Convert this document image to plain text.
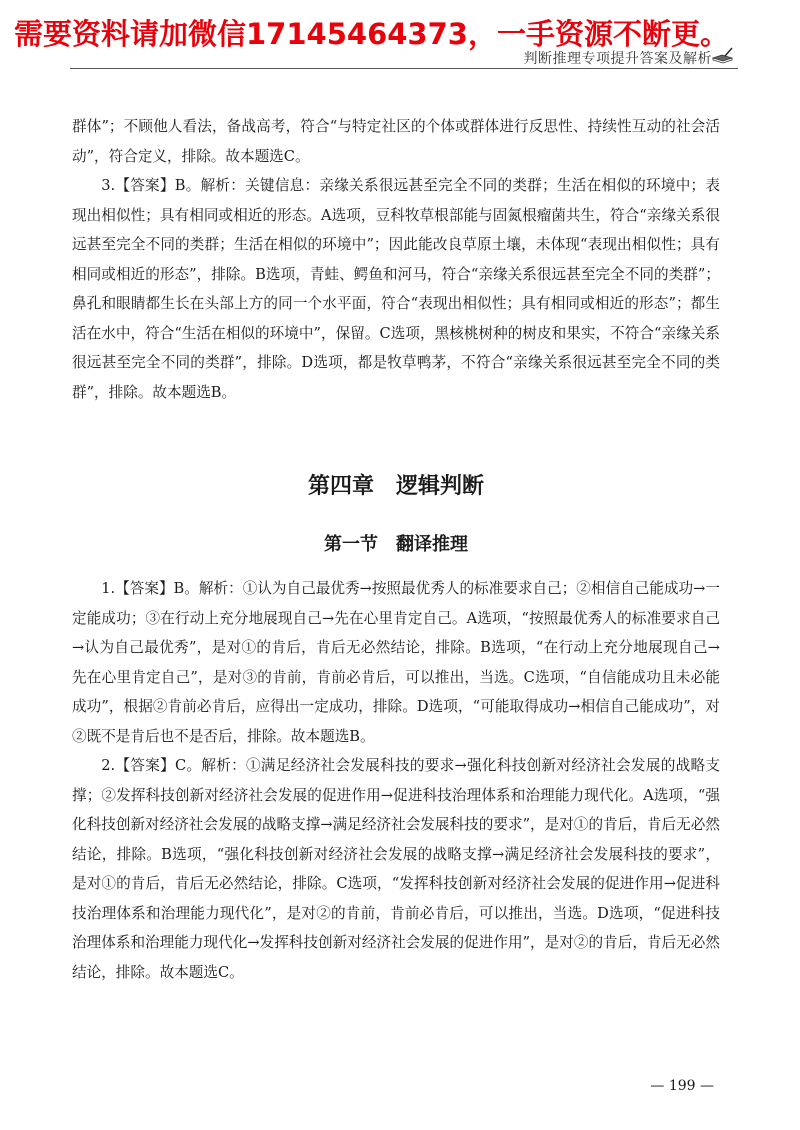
需要资料请加微信17145464373，一手资源不断更。
判断推理专项提升答案及解析

群体”；不顾他人看法，备战高考，符合“与特定社区的个体或群体进行反思性、持续性互动的社会活动”，符合定义，排除。故本题选C。

3.【答案】B。解析：关键信息：亲缘关系很远甚至完全不同的类群；生活在相似的环境中；表现出相似性；具有相同或相近的形态。A选项，豆科牧草根部能与固氮根瘤菌共生，符合“亲缘关系很远甚至完全不同的类群；生活在相似的环境中”；因此能改良草原土壤，未体现“表现出相似性；具有相同或相近的形态”，排除。B选项，青蛙、鳄鱼和河马，符合“亲缘关系很远甚至完全不同的类群”；鼻孔和眼睛都生长在头部上方的同一个水平面，符合“表现出相似性；具有相同或相近的形态”；都生活在水中，符合“生活在相似的环境中”，保留。C选项，黑核桃树种的树皮和果实，不符合“亲缘关系很远甚至完全不同的类群”，排除。D选项，都是牧草鸭茅，不符合“亲缘关系很远甚至完全不同的类群”，排除。故本题选B。

第四章　逻辑判断
第一节　翻译推理

1.【答案】B。解析：①认为自己最优秀→按照最优秀人的标准要求自己；②相信自己能成功→一定能成功；③在行动上充分地展现自己→先在心里肯定自己。A选项，“按照最优秀人的标准要求自己→认为自己最优秀”，是对①的肯后，肯后无必然结论，排除。B选项，“在行动上充分地展现自己→先在心里肯定自己”，是对③的肯前，肯前必肯后，可以推出，当选。C选项，“自信能成功且未必能成功”，根据②肯前必肯后，应得出一定成功，排除。D选项，“可能取得成功→相信自己能成功”，对②既不是肯后也不是否后，排除。故本题选B。

2.【答案】C。解析：①满足经济社会发展科技的要求→强化科技创新对经济社会发展的战略支撑；②发挥科技创新对经济社会发展的促进作用→促进科技治理体系和治理能力现代化。A选项，“强化科技创新对经济社会发展的战略支撑→满足经济社会发展科技的要求”，是对①的肯后，肯后无必然结论，排除。B选项，“强化科技创新对经济社会发展的战略支撑→满足经济社会发展科技的要求”，是对①的肯后，肯后无必然结论，排除。C选项，“发挥科技创新对经济社会发展的促进作用→促进科技治理体系和治理能力现代化”，是对②的肯前，肯前必肯后，可以推出，当选。D选项，“促进科技治理体系和治理能力现代化→发挥科技创新对经济社会发展的促进作用”，是对②的肯后，肯后无必然结论，排除。故本题选C。

— 199 —
